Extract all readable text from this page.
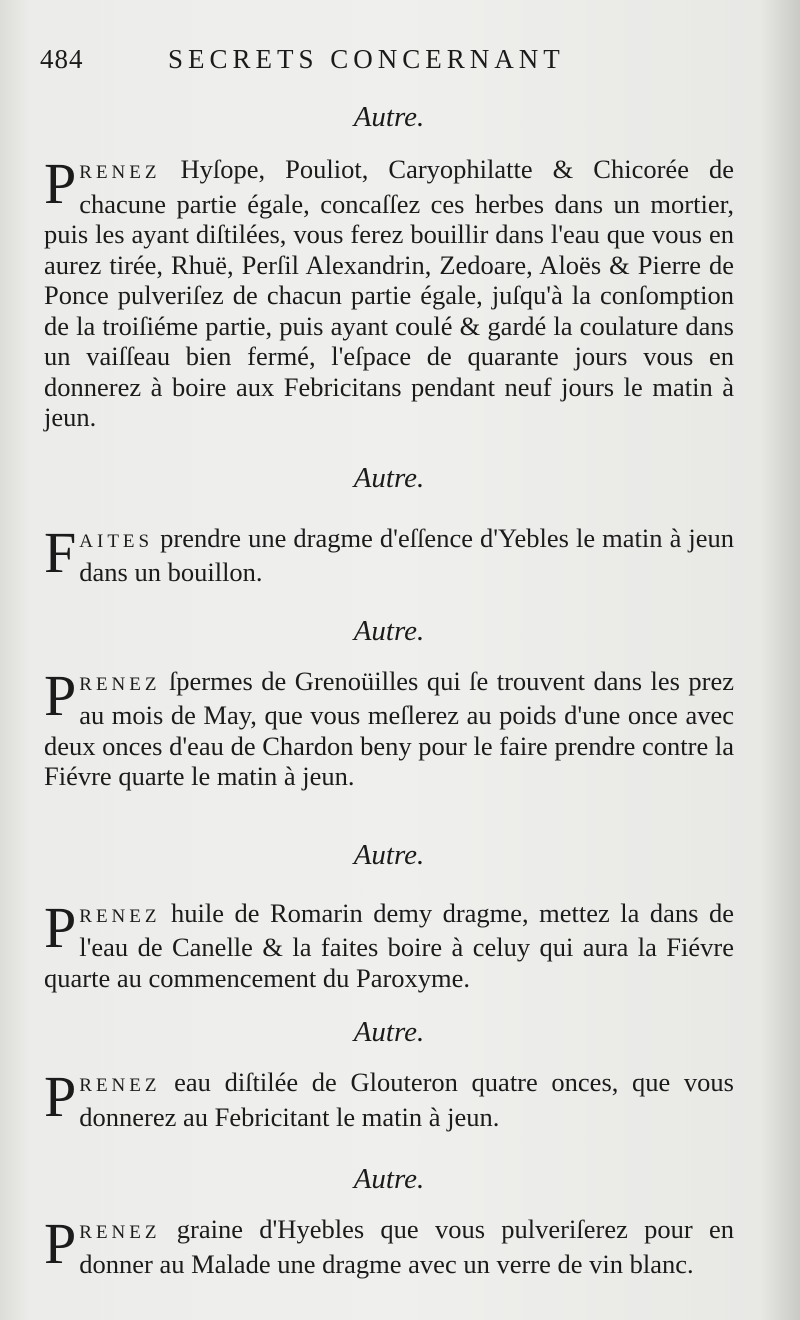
484	SECRETS CONCERNANT
Autre.

PRENEZ Hyſope, Pouliot, Caryophilatte & Chicorée de chacune partie égale, concaſſez ces herbes dans un mortier, puis les ayant diſtilées, vous ferez bouillir dans l'eau que vous en aurez tirée, Rhuë, Perſil Alexandrin, Zedoare, Aloës & Pierre de Ponce pulveriſez de chacun partie égale, juſqu'à la conſomption de la troiſiéme partie, puis ayant coulé & gardé la coulature dans un vaiſſeau bien fermé, l'eſpace de quarante jours vous en donnerez à boire aux Febricitans pendant neuf jours le matin à jeun.

Autre.

FAITES prendre une dragme d'eſſence d'Yebles le matin à jeun dans un bouillon.

Autre.

PRENEZ ſpermes de Grenoüilles qui ſe trouvent dans les prez au mois de May, que vous meſlerez au poids d'une once avec deux onces d'eau de Chardon beny pour le faire prendre contre la Fiévre quarte le matin à jeun.

Autre.

PRENEZ huile de Romarin demy dragme, mettez la dans de l'eau de Canelle & la faites boire à celuy qui aura la Fiévre quarte au commencement du Paroxyme.

Autre.

PRENEZ eau diſtilée de Glouteron quatre onces, que vous donnerez au Febricitant le matin à jeun.

Autre.

PRENEZ graine d'Hyebles que vous pulveriſerez pour en donner au Malade une dragme avec un verre de vin blanc.
